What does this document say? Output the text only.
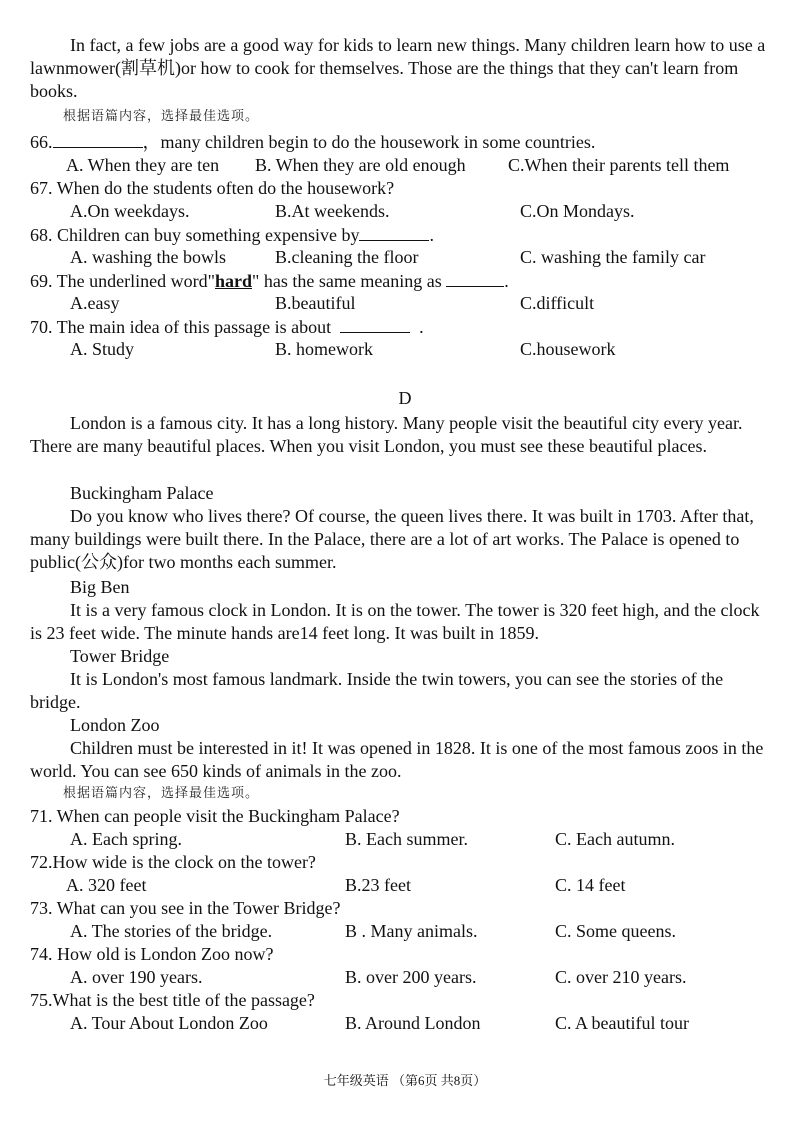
In fact, a few jobs are a good way for kids to learn new things. Many children learn how to use a lawnmower(割草机)or how to cook for themselves. Those are the things that they can't learn from books.
根据语篇内容，选择最佳选项。
66.	，many children begin to do the housework in some countries.
A. When they are ten B. When they are old enough C.When their parents tell them
67. When do the students often do the housework?
A.On weekdays.	B.At weekends.	C.On Mondays.
68. Children can buy something expensive by	.
A. washing the bowls	B.cleaning the floor	C. washing the family car
69. The underlined word"hard" has the same meaning as	.
A.easy	B.beautiful	C.difficult
70. The main idea of this passage is about	.
A. Study	B. homework	C.housework
D
London is a famous city. It has a long history. Many people visit the beautiful city every year. There are many beautiful places. When you visit London, you must see these beautiful places.
Buckingham Palace
Do you know who lives there? Of course, the queen lives there. It was built in 1703. After that, many buildings were built there. In the Palace, there are a lot of art works. The Palace is opened to public(公众)for two months each summer.
Big Ben
It is a very famous clock in London. It is on the tower. The tower is 320 feet high, and the clock is 23 feet wide. The minute hands are14 feet long. It was built in 1859.
Tower Bridge
It is London's most famous landmark. Inside the twin towers, you can see the stories of the bridge.
London Zoo
Children must be interested in it! It was opened in 1828. It is one of the most famous zoos in the world. You can see 650 kinds of animals in the zoo.
根据语篇内容，选择最佳选项。
71. When can people visit the Buckingham Palace?
A. Each spring.	B. Each summer.	C. Each autumn.
72.How wide is the clock on the tower?
A. 320 feet	B.23 feet	C. 14 feet
73. What can you see in the Tower Bridge?
A. The stories of the bridge.	B . Many animals.	C. Some queens.
74. How old is London Zoo now?
A. over 190 years.	B. over 200 years.	C. over 210 years.
75.What is the best title of the passage?
A. Tour About London Zoo	B. Around London	C. A beautiful tour
七年级英语 （第6页 共8页）
